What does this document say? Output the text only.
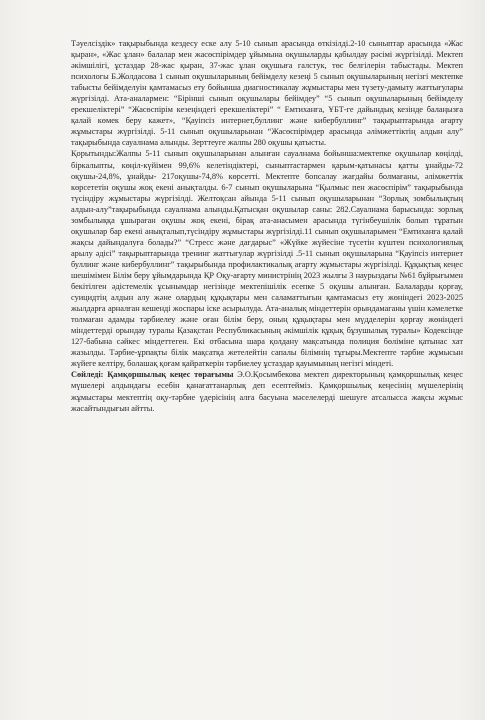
Тәуелсіздік» тақырыбында кездесу еске алу 5-10 сынып арасында өткізілді.2-10 сыныптар арасында «Жас қыран», «Жас ұлан» балалар мен жасөспірімдер ұйымына оқушыларды қабылдау рәсімі жүргізілді. Мектеп әкімшілігі, ұстаздар 28-жас қыран, 37-жас ұлан оқушыға галстук, төс белгілерін табыстады. Мектеп психологы Б.Жолдасова 1 сынып оқушыларының бейімделу кезеңі 5 сынып оқушыларының негізгі мектепке табысты бейімделуін қамтамасыз ету бойынша диагностикалау жұмыстары мен түзету-дамыту жаттығулары жүргізілді. Ата-аналармен: “Бірінші сынып оқушылары бейімдеу” “5 сынып оқушыларының бейімделу ерекшеліктері” “Жасөспірім кезеңіндегі ерекшеліктері” “ Емтиханға, ҰБТ-ге дайындық кезінде балаңызға қалай көмек беру кажет», “Қауіпсіз интернет,буллинг және кибербуллинг” тақырыптарында ағарту жұмыстары жүргізілді. 5-11 сынып оқушыларынан “Жасөспірімдер арасында әлімжеттіктің алдын алу” тақырыбында сауалнама алынды. Зерттеуге жалпы 280 оқушы қатысты.

Қорытынды:Жалпы 5-11 сынып оқушыларынан алынған сауалнама бойынша:мектепке оқушылар көңілді, біркалыпты, көңіл-күйімен 99,6% келетіндіктері, сыныптастармен қарым-қатынасы қатты ұнайды-72 оқушы-24,8%, ұнайды- 217оқушы-74,8% көрсетті. Мектепте бопсалау жағдайы болмағаны, әлімжеттік көрсететін оқушы жоқ екені анықталды. 6-7 сынып оқушыларына “Қылмыс пен жасөспірім” тақырыбында түсіндіру жұмыстары жүргізілді. Желтоқсан айында 5-11 сынып оқушыларынан “Зорлық зомбылықтың алдын-алу”тақырыбында сауалнама алынды.Қатысқан оқушылар саны: 282.Сауалнама барысында: зорлық зомбылыққа ұшыраған оқушы жоқ екені, бірақ ата-анасымен арасында түгінбеушілік болып тұратын оқушылар бар екені анықталып,түсіндіру жұмыстары жүргізілді.11 сынып оқушыларымен “Емтиханға қалай жақсы дайындалуға болады?” “Стресс және дағдарыс” «Жүйке жүйесіне түсетін күштен психологиялық арылу әдісі” тақырыптарында тренинг жаттығулар жүргізілді .5-11 сынып оқушыларына “Қауіпсіз интернет буллинг және кибербуллинг” тақырыбында профилактикалық ағарту жұмыстары жүргізілді. Құқықтық кеңес шешімімен Білім беру ұйымдарында ҚР Оқу-ағарту министрінің 2023 жылғы 3 наурыздағы №61 бұйрығымен бекітілген әдістемелік ұсынымдар негізінде мектепішілік есепке 5 оқушы алынған. Балаларды қорғау, суицидтің алдын алу және олардың құқықтары мен саламаттығын қамтамасыз ету жөніндегі 2023-2025 жылдарға арналған кешенді жоспары іске асырылуда. Ата-аналық міндеттерін орындамаганы үшін кәмелетке толмаған адамды тәрбиелеу және оған білім беру, оның құқықтары мен мүдделерін қорғау жөніндегі міндеттерді орындау туралы Қазақстан Республикасының әкімшілік құқық бұзушылық туралы» Кодексінде 127-бабына сәйкес міндеттеген. Екі отбасына шара қолдану мақсатында полиция бөліміне қатынас хат жазылды. Тәрбие-ұрпақты бiлiк мақсатқа жетелейтiн сапалы бiлiмнiң тұғыры.Мектепте тәрбие жұмысын жүйеге келтіру, болашақ қоғам қайраткерін тәрбиелеу ұстаздар қауымының негізгі міндеті.

Сөйледі: Қамқоршылық кеңес төрағымы Э.О.Қосымбекова мектеп директорының қамқоршылық кеңес мүшелері алдындағы есебін қанағаттанарлық деп есептейміз. Қамқоршылық кеңесінің мүшелерінің жұмыстары мектептің оқу-тәрбие үдерісінің алға басуына мәселелерді шешуге атсалысса жақсы жұмыс жасайтындығын айтты.
